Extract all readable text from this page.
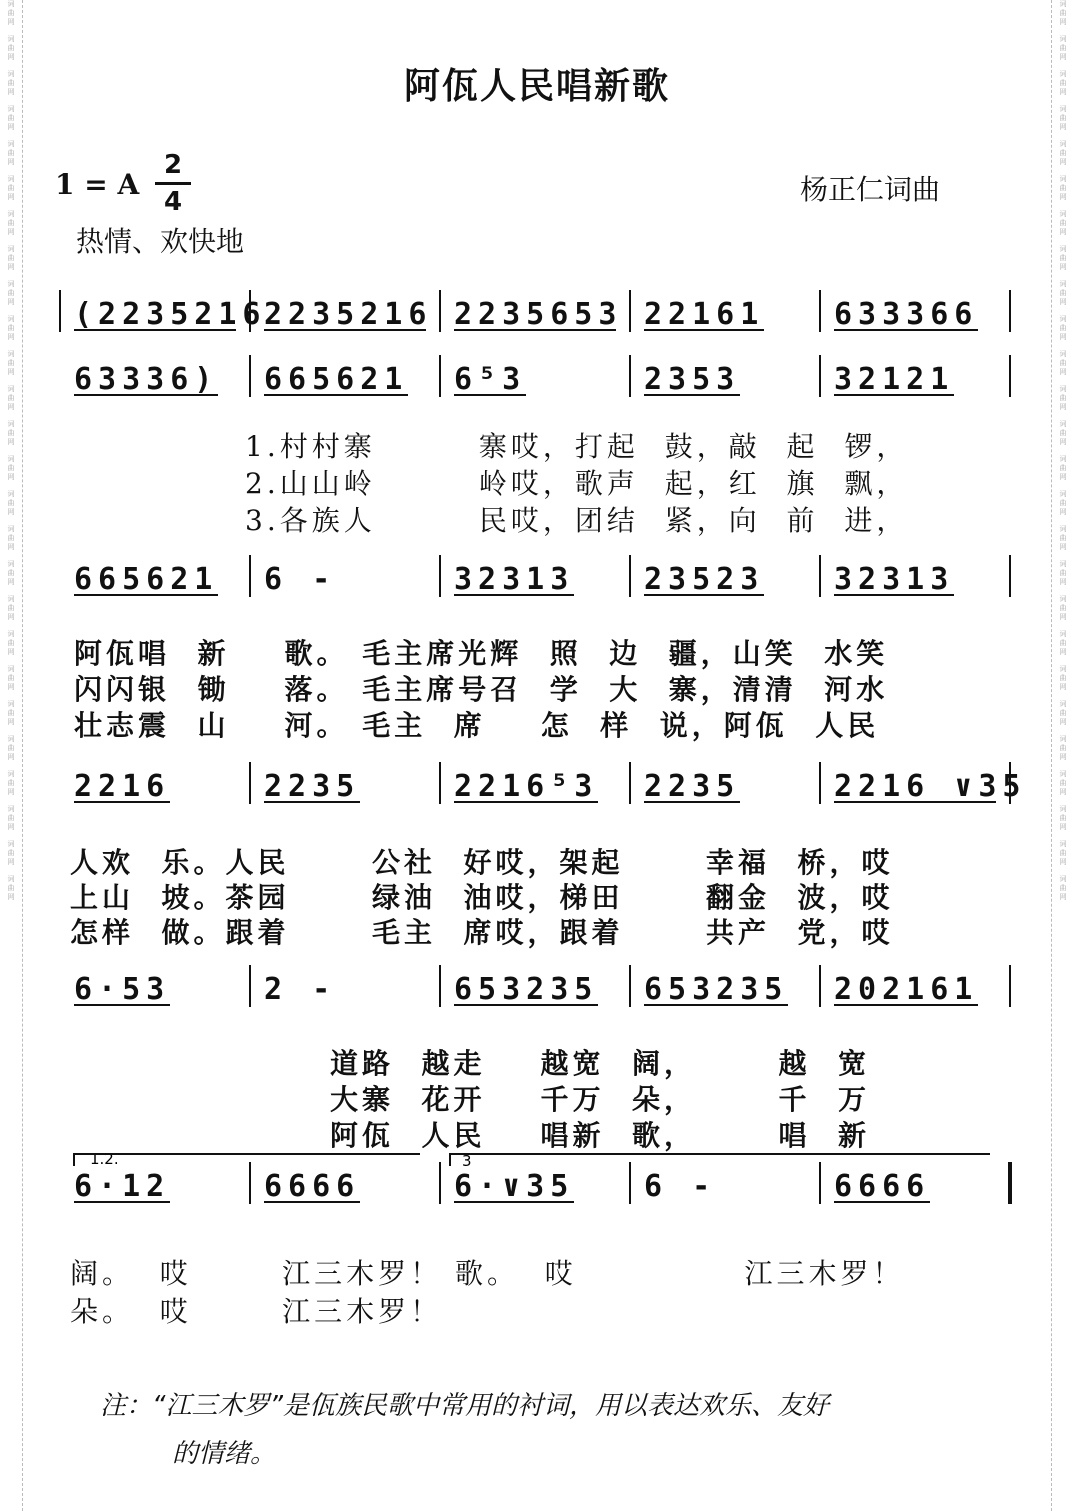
词曲网
词曲网
词曲网
词曲网
词曲网
词曲网
词曲网
词曲网
词曲网
词曲网
词曲网
词曲网
词曲网
词曲网
词曲网
词曲网
词曲网
词曲网
词曲网
词曲网
词曲网
词曲网
词曲网
词曲网
词曲网
词曲网
词曲网
词曲网
词曲网
词曲网
词曲网
词曲网
词曲网
词曲网
词曲网
词曲网
词曲网
词曲网
词曲网
词曲网
词曲网
词曲网
词曲网
词曲网
词曲网
词曲网
词曲网
词曲网
词曲网
词曲网
词曲网
词曲网
阿佤人民唱新歌
1 = A
2
4	杨正仁词曲
热情、欢快地
(2235216
2235216 2235653 22161 633366
63336) 665621 6⁵3	2353	32121
1.村村寨        寨哎，打起  鼓，敲  起  锣，
2.山山岭        岭哎，歌声  起，红  旗  飘，
3.各族人        民哎，团结  紧，向  前  进，
665621 6 -	32313 23523 32313
阿佤唱  新    歌。 毛主席光辉  照  边  疆，山笑  水笑
闪闪银  锄    落。 毛主席号召  学  大  寨，清清  河水
壮志震  山    河。 毛主  席    怎  样  说，阿佤  人民
2216	2235	2216⁵3 2235	2216 ∨35
人欢  乐。人民      公社  好哎，架起      幸福  桥，哎
上山  坡。茶园      绿油  油哎，梯田      翻金  波，哎
怎样  做。跟着      毛主  席哎，跟着      共产  党，哎
6·53	2 -	653235 653235 202161
道路  越走    越宽  阔，      越  宽
大寨  花开    千万  朵，      千  万
阿佤  人民    唱新  歌，      唱  新
6·12	6666	6·∨35 6 -	6666
1.2.	3
阔。  哎       江三木罗！ 歌。  哎             江三木罗！
朵。  哎       江三木罗！
注：“江三木罗”是佤族民歌中常用的衬词，用以表达欢乐、友好
的情绪。
